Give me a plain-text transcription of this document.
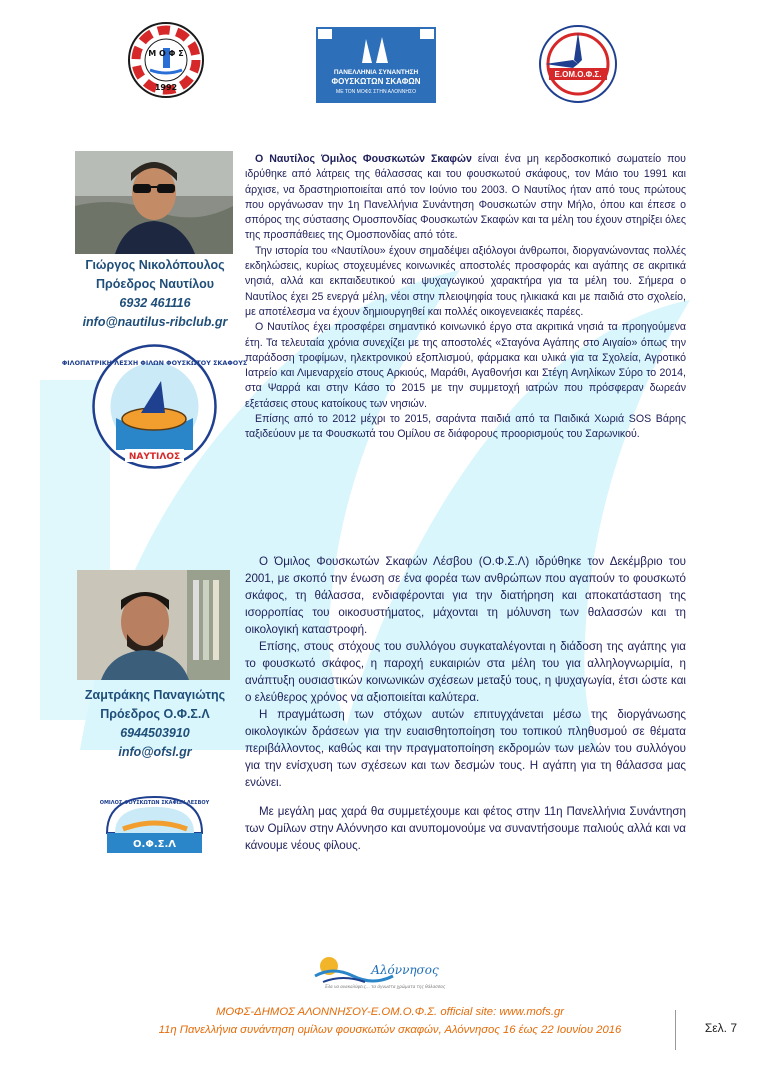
Μ Ο Φ Σ
1992
ΠΑΝΕΛΛΗΝΙΑ ΣΥΝΑΝΤΗΣΗ
ΦΟΥΣΚΩΤΩΝ ΣΚΑΦΩΝ
ΜΕ ΤΟΝ ΜΟΦΣ ΣΤΗΝ ΑΛΟΝΝΗΣΟ
Ε.ΟΜ.Ο.Φ.Σ.
Γιώργος Νικολόπουλος
Πρόεδρος Ναυτίλου
6932 461116
info@nautilus-ribclub.gr
ΦΙΛΟΠΑΤΡΙΚΗ ΛΕΣΧΗ ΦΙΛΩΝ ΦΟΥΣΚΩΤΟΥ ΣΚΑΦΟΥΣ
ΝΑΥΤΙΛΟΣ
Ζαμτράκης Παναγιώτης
Πρόεδρος Ο.Φ.Σ.Λ
6944503910
info@ofsl.gr
ΟΜΙΛΟΣ ΦΟΥΣΚΩΤΩΝ ΣΚΑΦΩΝ ΛΕΣΒΟΥ
Ο.Φ.Σ.Λ

Ο Ναυτίλος Όμιλος Φουσκωτών Σκαφών είναι ένα μη κερδοσκοπικό σωματείο που ιδρύθηκε από λάτρεις της θάλασσας και του φουσκωτού σκάφους, τον Μάιο του 1991 και άρχισε, να δραστηριοποιείται από τον Ιούνιο του 2003. Ο Ναυτίλος ήταν από τους πρώτους που οργάνωσαν την 1η Πανελλήνια Συνάντηση Φουσκωτών στην Μήλο, όπου και έπεσε ο σπόρος της σύστασης Ομοσπονδίας Φουσκωτών Σκαφών και τα μέλη του έχουν στηρίξει όλες της προσπάθειες της Ομοσπονδίας από τότε.

Την ιστορία του «Ναυτίλου» έχουν σημαδέψει αξιόλογοι άνθρωποι, διοργανώνοντας πολλές εκδηλώσεις, κυρίως στοχευμένες κοινωνικές αποστολές προσφοράς και αγάπης σε ακριτικά νησιά, αλλά και εκπαιδευτικού και ψυχαγωγικού χαρακτήρα για τα μέλη του. Σήμερα ο Ναυτίλος έχει 25 ενεργά μέλη, νέοι στην πλειοψηφία τους ηλικιακά και με παιδιά στο σχολείο, με αποτέλεσμα να έχουν δημιουργηθεί και πολλές οικογενειακές παρέες.

Ο Ναυτίλος έχει προσφέρει σημαντικό κοινωνικό έργο στα ακριτικά νησιά τα προηγούμενα έτη. Τα τελευταία χρόνια συνεχίζει με της αποστολές «Σταγόνα Αγάπης στο Αιγαίο» όπως την παράδοση τροφίμων, ηλεκτρονικού εξοπλισμού, φάρμακα και υλικά για τα Σχολεία, Αγροτικό Ιατρείο και Λιμεναρχείο στους Αρκιούς, Μαράθι, Αγαθονήσι και Στέγη Ανηλίκων Σύρο το 2014, στα Ψαρρά και στην Κάσο το 2015 με την συμμετοχή ιατρών που πρόσφεραν δωρεάν εξετάσεις στους κατοίκους των νησιών.

Επίσης από το 2012 μέχρι το 2015, σαράντα παιδιά από τα Παιδικά Χωριά SOS Βάρης ταξιδεύουν με τα Φουσκωτά του Ομίλου σε διάφορους προορισμούς του Σαρωνικού.

Ο Όμιλος Φουσκωτών Σκαφών Λέσβου (Ο.Φ.Σ.Λ) ιδρύθηκε τον Δεκέμβριο του 2001, με σκοπό την ένωση σε ένα φορέα των ανθρώπων που αγαπούν το φουσκωτό σκάφος, τη θάλασσα, ενδιαφέρονται για την διατήρηση και αποκατάσταση της ισορροπίας του οικοσυστήματος, μάχονται τη μόλυνση των θαλασσών και τη οικολογική καταστροφή.

Επίσης, στους στόχους του συλλόγου συγκαταλέγονται η διάδοση της αγάπης για το φουσκωτό σκάφος, η παροχή ευκαιριών στα μέλη του για αλληλογνωριμία, η ανάπτυξη ουσιαστικών κοινωνικών σχέσεων μεταξύ τους, η ψυχαγωγία, έτσι ώστε και ο ελεύθερος χρόνος να αξιοποιείται καλύτερα.

Η πραγμάτωση των στόχων αυτών επιτυγχάνεται μέσω της διοργάνωσης οικολογικών δράσεων για την ευαισθητοποίηση του τοπικού πληθυσμού σε θέματα περιβάλλοντος, καθώς και την πραγματοποίηση εκδρομών των μελών του συλλόγου για την ενίσχυση των σχέσεων και των δεσμών τους. Η αγάπη για τη θάλασσα μας ενώνει.

Με μεγάλη μας χαρά θα συμμετέχουμε και φέτος στην 11η Πανελλήνια Συνάντηση των Ομίλων στην Αλόννησο και ανυπομονούμε να συναντήσουμε παλιούς αλλά και να κάνουμε νέους φίλους.

Αλόννησος
Έλα να ανακαλύψεις... τα άγνωστα χρώματα της θάλασσας
ΜΟΦΣ-ΔΗΜΟΣ ΑΛΟΝΝΗΣΟΥ-Ε.ΟΜ.Ο.Φ.Σ. official site: www.mofs.gr
11η Πανελλήνια συνάντηση ομίλων φουσκωτών σκαφών, Αλόννησος 16 έως 22 Ιουνίου 2016	Σελ. 7
